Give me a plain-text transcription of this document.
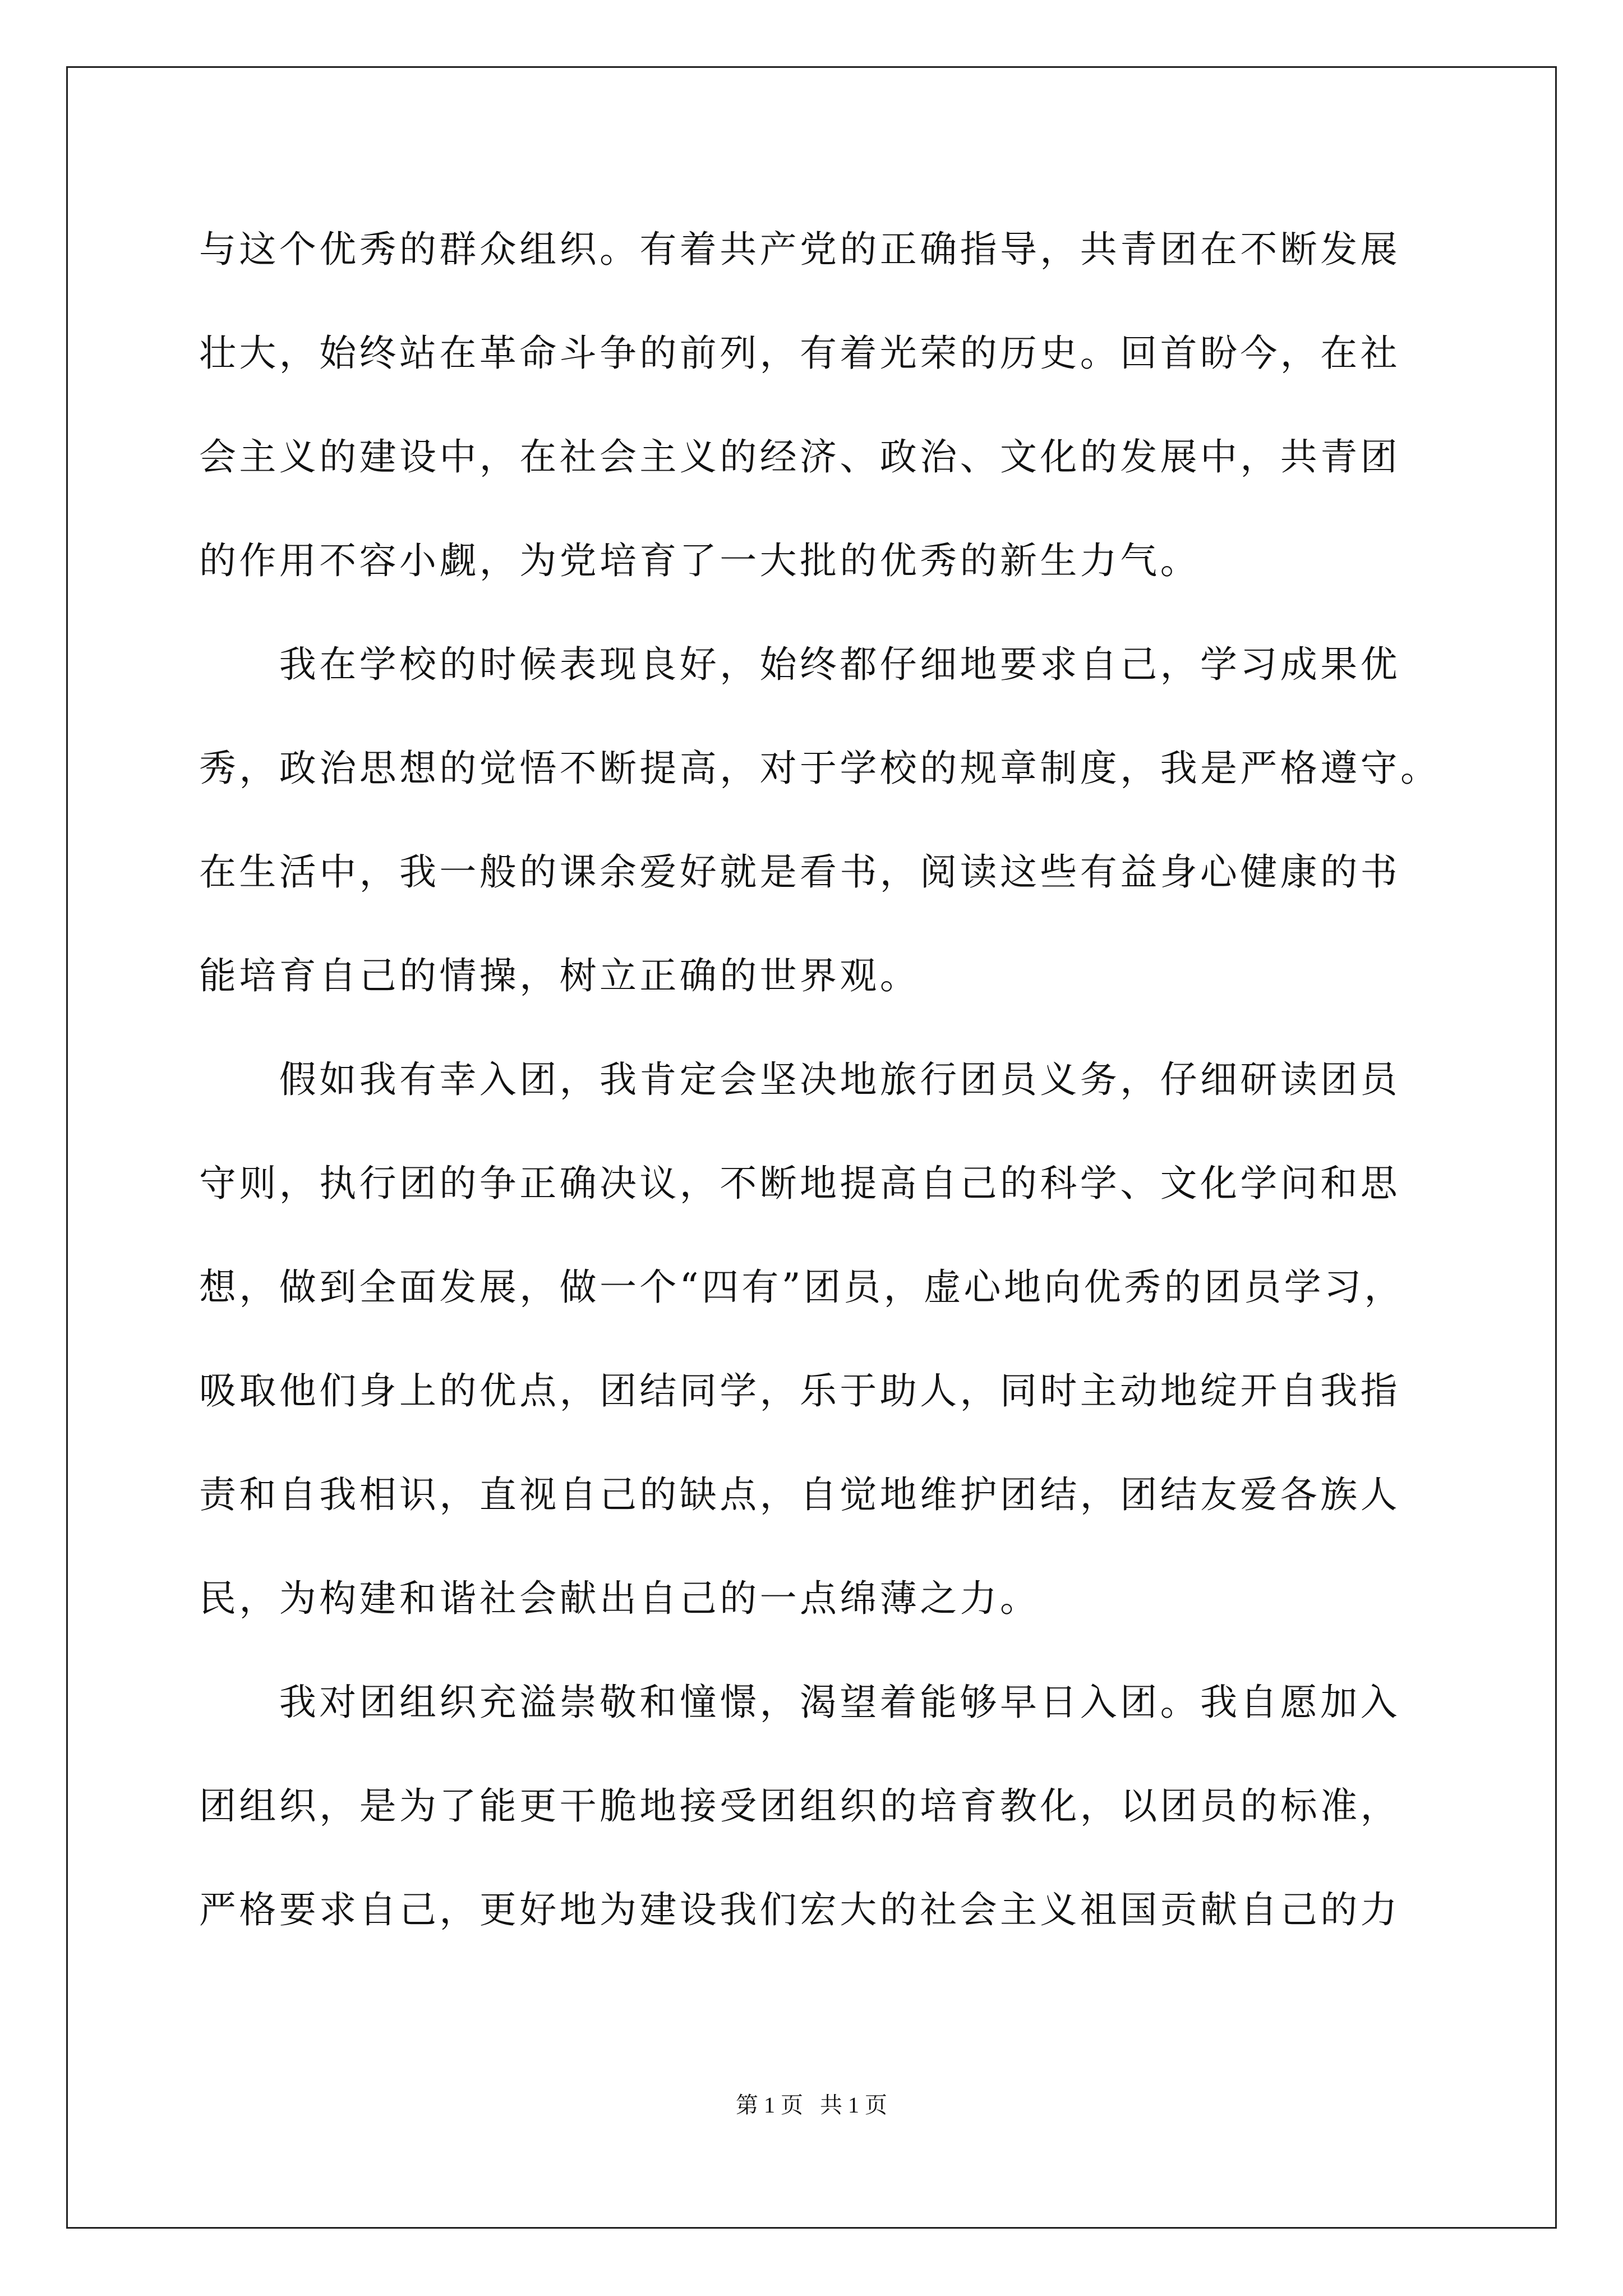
与这个优秀的群众组织。有着共产党的正确指导，共青团在不断发展
壮大，始终站在革命斗争的前列，有着光荣的历史。回首盼今，在社
会主义的建设中，在社会主义的经济、政治、文化的发展中，共青团
的作用不容小觑，为党培育了一大批的优秀的新生力气。
　　我在学校的时候表现良好，始终都仔细地要求自己，学习成果优
秀，政治思想的觉悟不断提高，对于学校的规章制度，我是严格遵守。
在生活中，我一般的课余爱好就是看书，阅读这些有益身心健康的书
能培育自己的情操，树立正确的世界观。
　　假如我有幸入团，我肯定会坚决地旅行团员义务，仔细研读团员
守则，执行团的争正确决议，不断地提高自己的科学、文化学问和思
想，做到全面发展，做一个“四有”团员，虚心地向优秀的团员学习，
吸取他们身上的优点，团结同学，乐于助人，同时主动地绽开自我指
责和自我相识，直视自己的缺点，自觉地维护团结，团结友爱各族人
民，为构建和谐社会献出自己的一点绵薄之力。
　　我对团组织充溢崇敬和憧憬，渴望着能够早日入团。我自愿加入
团组织，是为了能更干脆地接受团组织的培育教化，以团员的标准，
严格要求自己，更好地为建设我们宏大的社会主义祖国贡献自己的力
第 1 页   共 1 页
